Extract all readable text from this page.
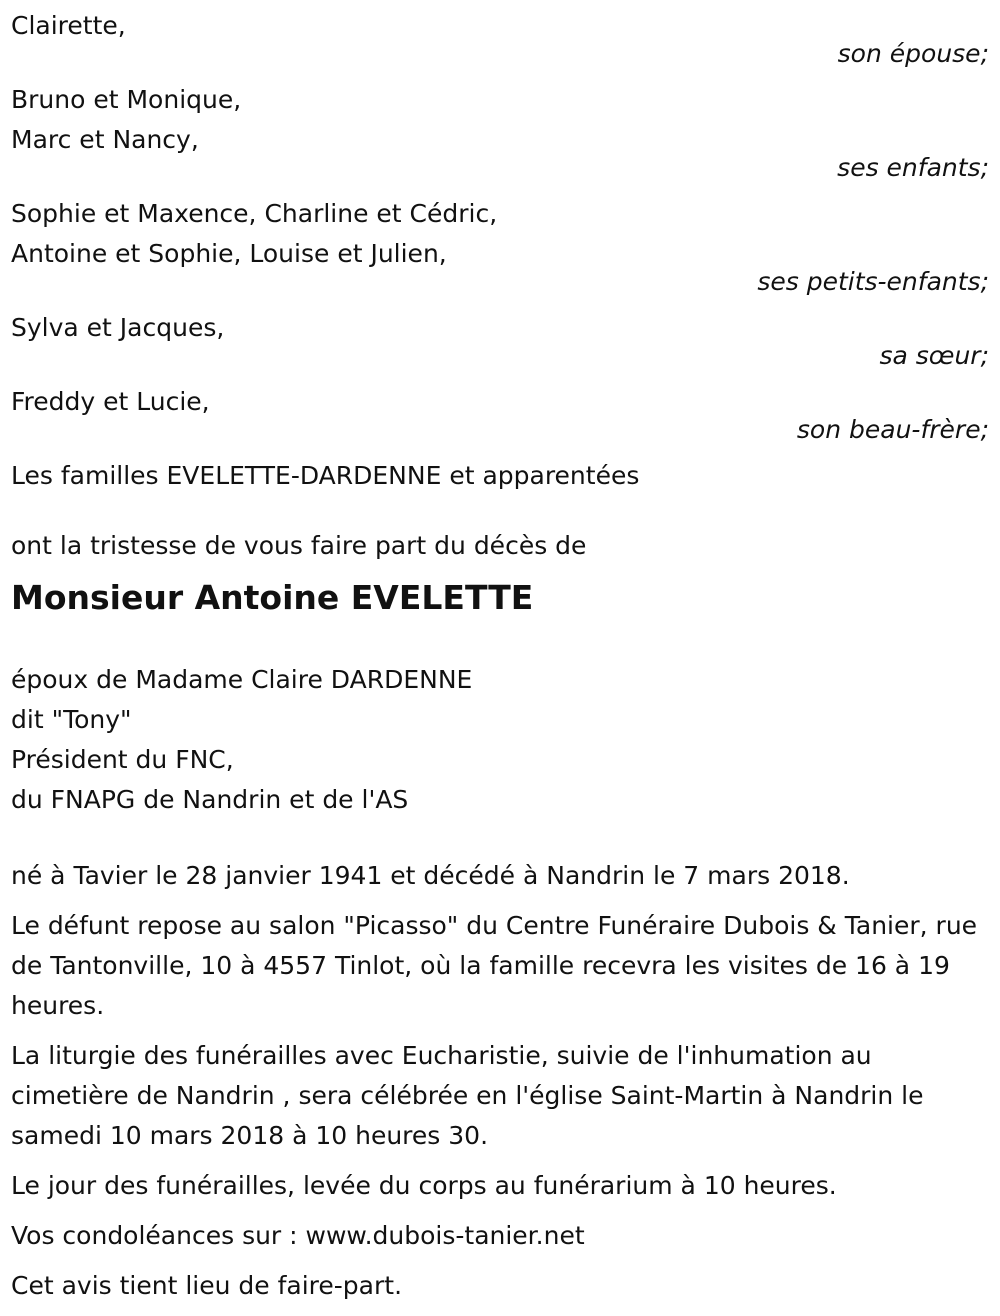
Clairette,
son épouse;
Bruno et Monique,
Marc et Nancy,
ses enfants;
Sophie et Maxence, Charline et Cédric,
Antoine et Sophie, Louise et Julien,
ses petits-enfants;
Sylva et Jacques,
sa sœur;
Freddy et Lucie,
son beau-frère;
Les familles EVELETTE-DARDENNE et apparentées
ont la tristesse de vous faire part du décès de
Monsieur Antoine EVELETTE
époux de Madame Claire DARDENNE
dit "Tony"
Président du FNC,
du FNAPG de Nandrin et de l'AS
né à Tavier le 28 janvier 1941 et décédé à Nandrin le 7 mars 2018.
Le défunt repose au salon "Picasso" du Centre Funéraire Dubois & Tanier, rue de Tantonville, 10 à 4557 Tinlot, où la famille recevra les visites de 16 à 19 heures.
La liturgie des funérailles avec Eucharistie, suivie de l'inhumation au cimetière de Nandrin , sera célébrée en l'église Saint-Martin à Nandrin le samedi 10 mars 2018 à 10 heures 30.
Le jour des funérailles, levée du corps au funérarium à 10 heures.
Vos condoléances sur : www.dubois-tanier.net
Cet avis tient lieu de faire-part.
